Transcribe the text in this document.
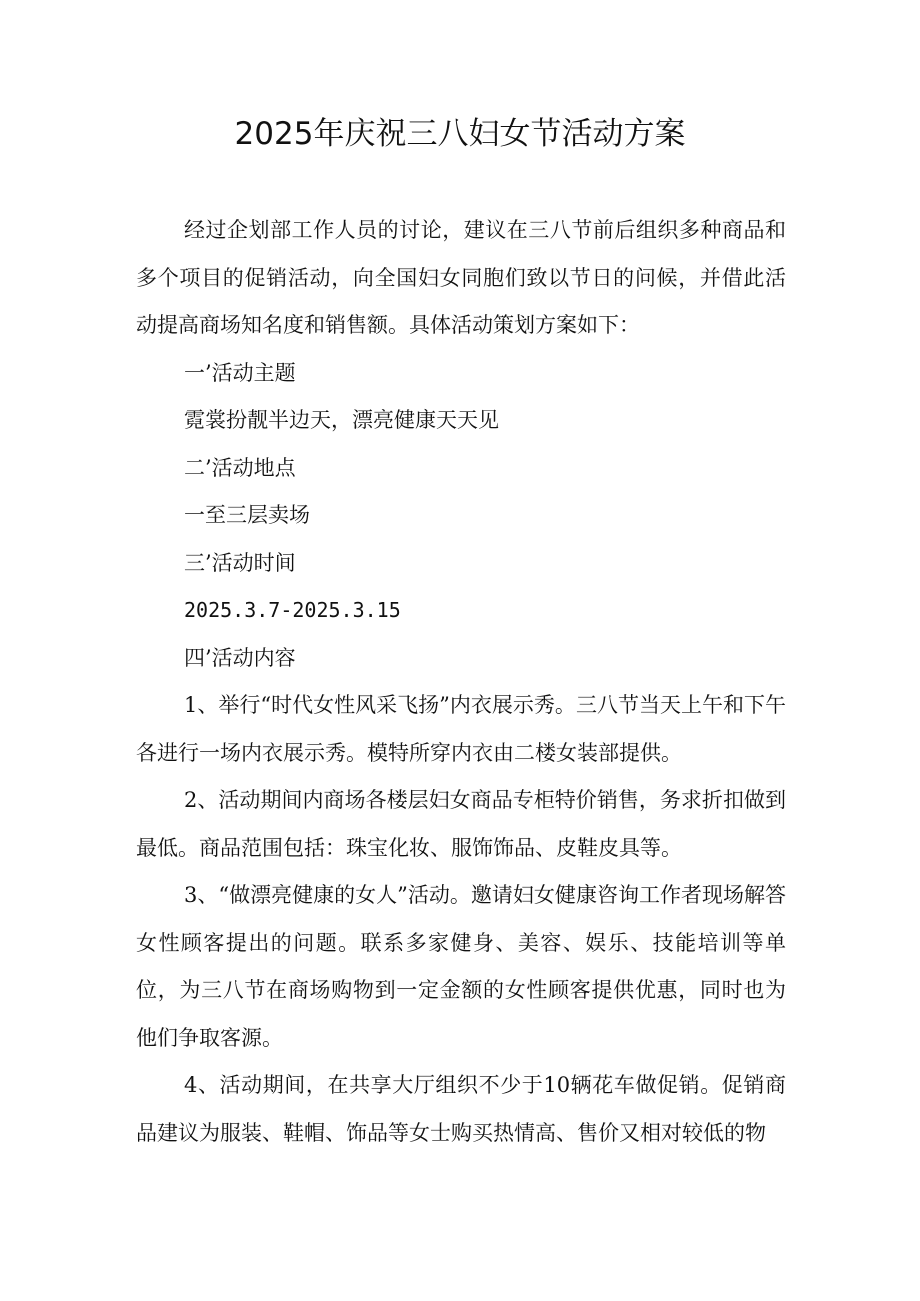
2025年庆祝三八妇女节活动方案

经过企划部工作人员的讨论，建议在三八节前后组织多种商品和多个项目的促销活动，向全国妇女同胞们致以节日的问候，并借此活动提高商场知名度和销售额。具体活动策划方案如下：

一’活动主题

霓裳扮靓半边天，漂亮健康天天见

二’活动地点

一至三层卖场

三’活动时间

2025.3.7-2025.3.15

四’活动内容

1、举行“时代女性风采飞扬”内衣展示秀。三八节当天上午和下午各进行一场内衣展示秀。模特所穿内衣由二楼女装部提供。

2、活动期间内商场各楼层妇女商品专柜特价销售，务求折扣做到最低。商品范围包括：珠宝化妆、服饰饰品、皮鞋皮具等。

3、“做漂亮健康的女人”活动。邀请妇女健康咨询工作者现场解答女性顾客提出的问题。联系多家健身、美容、娱乐、技能培训等单位，为三八节在商场购物到一定金额的女性顾客提供优惠，同时也为他们争取客源。

4、活动期间，在共享大厅组织不少于10辆花车做促销。促销商品建议为服装、鞋帽、饰品等女士购买热情高、售价又相对较低的物
